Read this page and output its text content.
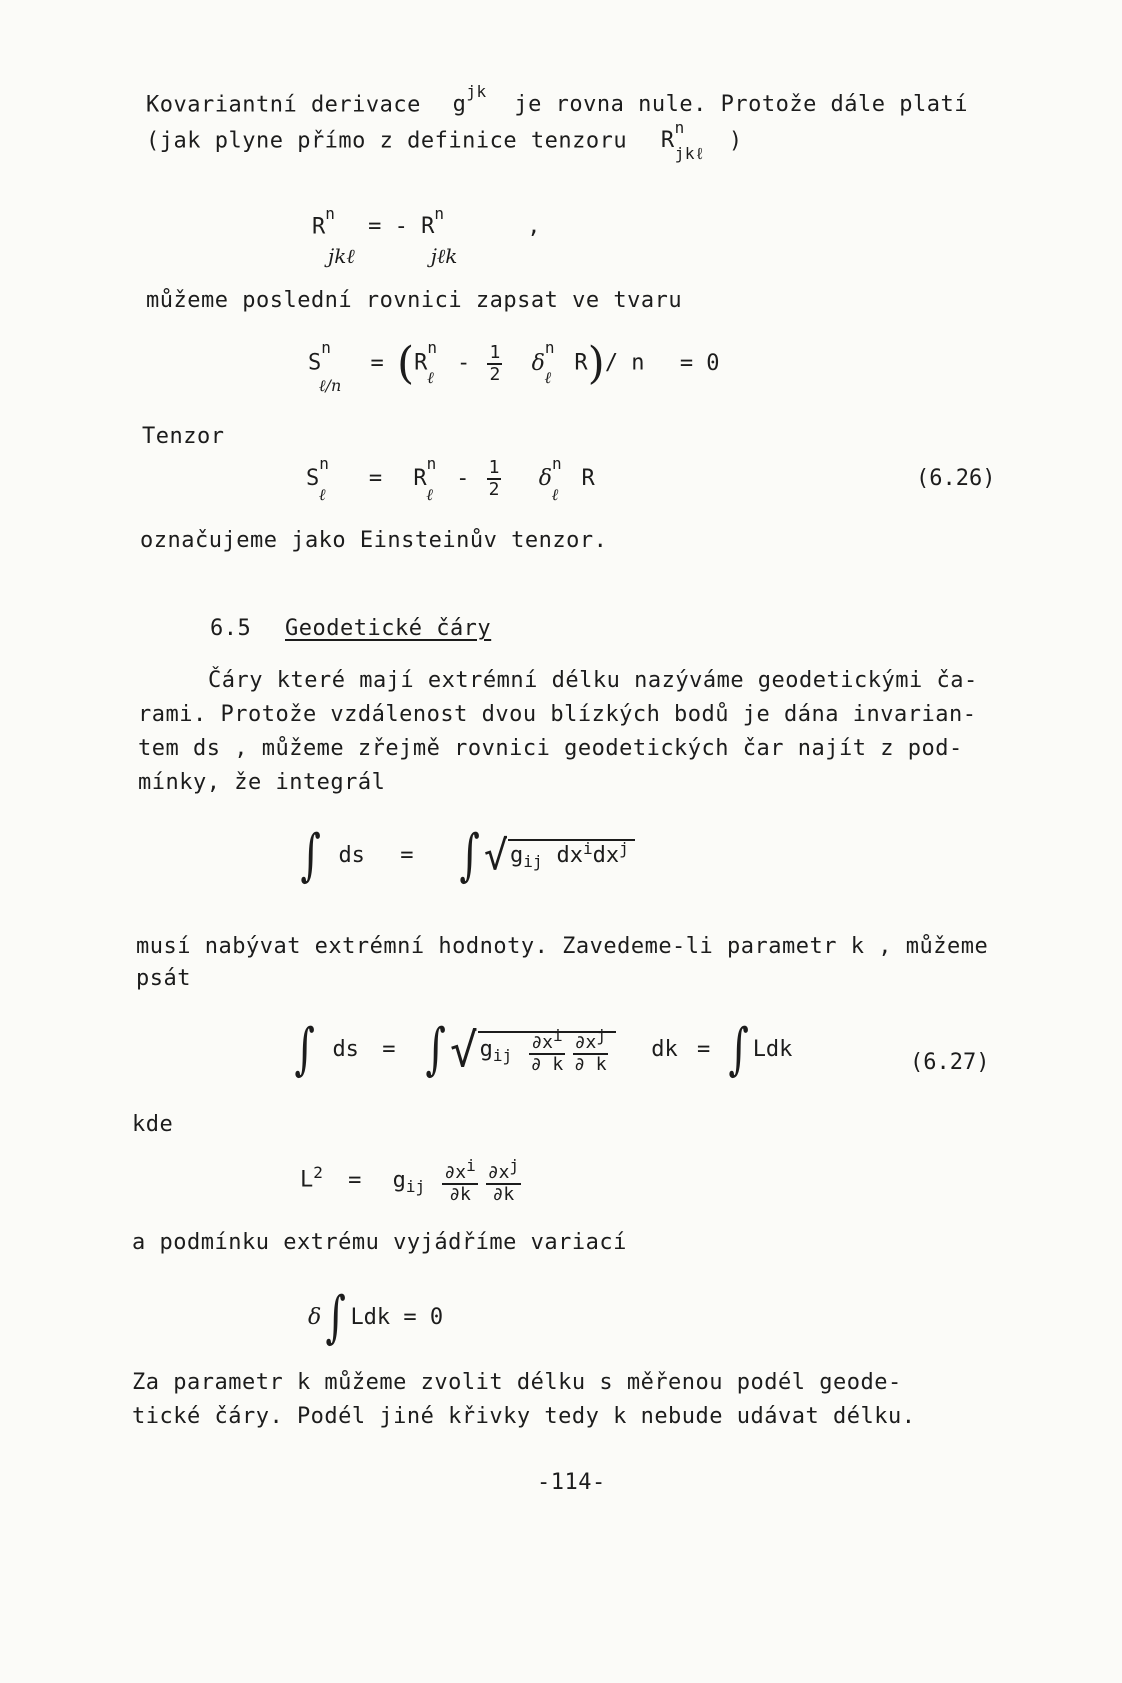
Kovariantní derivace $g^{jk}$ je rovna nule. Protože dále platí
(jak plyne přímo z definice tenzoru $R^n_{jk\ell}$ )
$R^n$ = - $R^n$ ,
jkℓ	jℓk
můžeme poslední rovnici zapsat ve tvaru
$S^n_{\ell/n} = (R^n_\ell - \frac{1}{2} \delta^n_\ell$ R)/ n = 0
Tenzor
$S^n_\ell = R^n_\ell - \frac{1}{2} \delta^n_\ell$ R	(6.26)
označujeme jako Einsteinův tenzor.
6.5 Geodetické čáry
Čáry které mají extrémní délku nazýváme geodetickými ča-
rami. Protože vzdálenost dvou blízkých bodů je dána invarian-
tem ds , můžeme zřejmě rovnici geodetických čar najít z pod-
mínky, že integrál
∫ ds = ∫ $√g_{ij}$ $dx^idx^j$
musí nabývat extrémní hodnoty. Zavedeme-li parametr k , můžeme
psát
∫ ds = $\int√g_{ij} \frac{\partial xi}{\partial k} \frac{\partial xj}{\partial k}$ dk = ∫ Ldk
(6.27)
kde
$L^2 = g_{ij} \frac{\partial xi}{\partial k} \frac{\partial xj}{\partial k}$
a podmínku extrému vyjádříme variací
δ∫ Ldk = 0
Za parametr k můžeme zvolit délku s měřenou podél geode-
tické čáry. Podél jiné křivky tedy k nebude udávat délku.
-114-
